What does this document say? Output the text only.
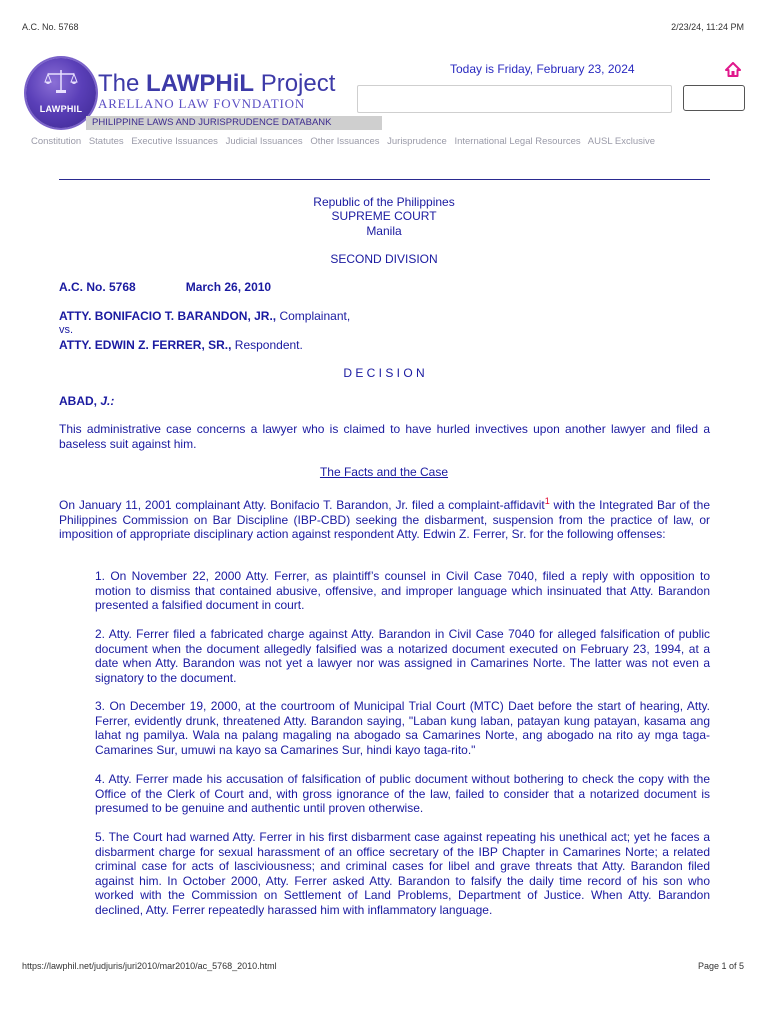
A.C. No. 5768	2/23/24, 11:24 PM
LAWPHIL
The LAWPHiL Project
ARELLANO LAW FOVNDATION
PHILIPPINE LAWS AND JURISPRUDENCE DATABANK
Today is Friday, February 23, 2024
Constitution Statutes Executive Issuances Judicial Issuances Other Issuances Jurisprudence International Legal Resources AUSL Exclusive
Republic of the Philippines
SUPREME COURT
Manila
SECOND DIVISION
A.C. No. 5768	March 26, 2010
ATTY. BONIFACIO T. BARANDON, JR., Complainant,
vs.
ATTY. EDWIN Z. FERRER, SR., Respondent.
D E C I S I O N
ABAD, J.:
This administrative case concerns a lawyer who is claimed to have hurled invectives upon another lawyer and filed a baseless suit against him.
The Facts and the Case
On January 11, 2001 complainant Atty. Bonifacio T. Barandon, Jr. filed a complaint-affidavit$^1$ with the Integrated Bar of the Philippines Commission on Bar Discipline (IBP-CBD) seeking the disbarment, suspension from the practice of law, or imposition of appropriate disciplinary action against respondent Atty. Edwin Z. Ferrer, Sr. for the following offenses:
1. On November 22, 2000 Atty. Ferrer, as plaintiff’s counsel in Civil Case 7040, filed a reply with opposition to motion to dismiss that contained abusive, offensive, and improper language which insinuated that Atty. Barandon presented a falsified document in court.
2. Atty. Ferrer filed a fabricated charge against Atty. Barandon in Civil Case 7040 for alleged falsification of public document when the document allegedly falsified was a notarized document executed on February 23, 1994, at a date when Atty. Barandon was not yet a lawyer nor was assigned in Camarines Norte. The latter was not even a signatory to the document.
3. On December 19, 2000, at the courtroom of Municipal Trial Court (MTC) Daet before the start of hearing, Atty. Ferrer, evidently drunk, threatened Atty. Barandon saying, "Laban kung laban, patayan kung patayan, kasama ang lahat ng pamilya. Wala na palang magaling na abogado sa Camarines Norte, ang abogado na rito ay mga taga-Camarines Sur, umuwi na kayo sa Camarines Sur, hindi kayo taga-rito."
4. Atty. Ferrer made his accusation of falsification of public document without bothering to check the copy with the Office of the Clerk of Court and, with gross ignorance of the law, failed to consider that a notarized document is presumed to be genuine and authentic until proven otherwise.
5. The Court had warned Atty. Ferrer in his first disbarment case against repeating his unethical act; yet he faces a disbarment charge for sexual harassment of an office secretary of the IBP Chapter in Camarines Norte; a related criminal case for acts of lasciviousness; and criminal cases for libel and grave threats that Atty. Barandon filed against him. In October 2000, Atty. Ferrer asked Atty. Barandon to falsify the daily time record of his son who worked with the Commission on Settlement of Land Problems, Department of Justice. When Atty. Barandon declined, Atty. Ferrer repeatedly harassed him with inflammatory language.
https://lawphil.net/judjuris/juri2010/mar2010/ac_5768_2010.html	Page 1 of 5
